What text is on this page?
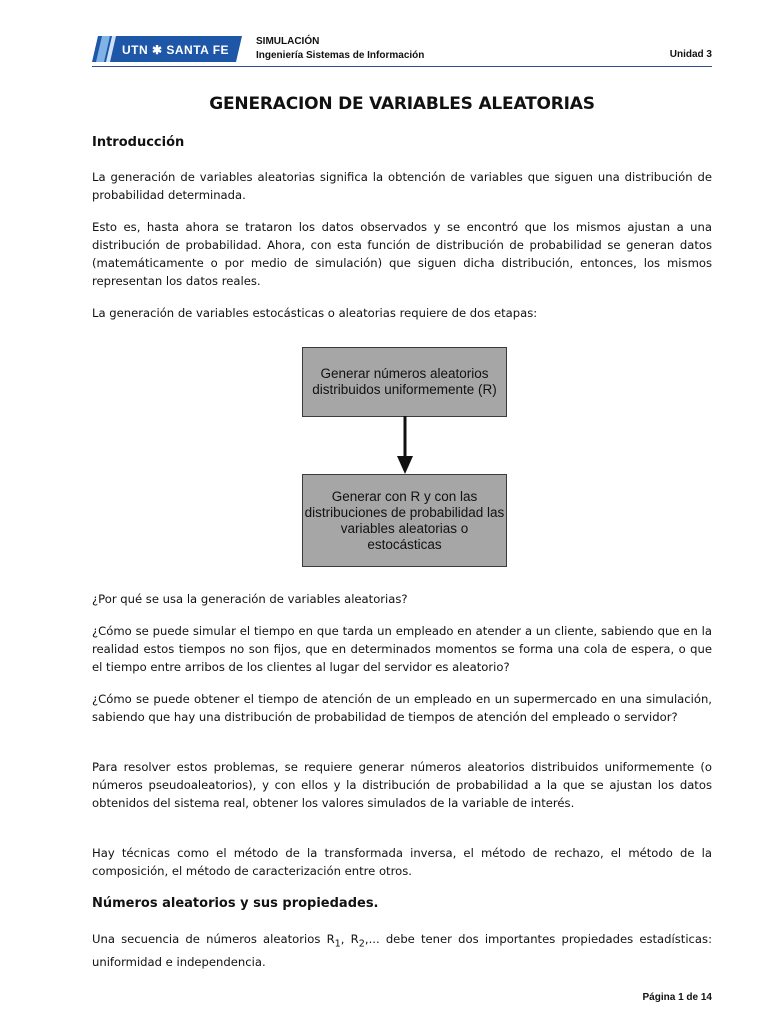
UTN ✱ SANTA FE
SIMULACIÓN
Ingeniería Sistemas de Información	Unidad 3
GENERACION DE VARIABLES ALEATORIAS
Introducción
La generación de variables aleatorias significa la obtención de variables que siguen una distribución de probabilidad determinada.
Esto es, hasta ahora se trataron los datos observados y se encontró que los mismos ajustan a una distribución de probabilidad. Ahora, con esta función de distribución de probabilidad se generan datos (matemáticamente o por medio de simulación) que siguen dicha distribución, entonces, los mismos representan los datos reales.
La generación de variables estocásticas o aleatorias requiere de dos etapas:
Generar números aleatorios distribuidos uniformemente (R)
Generar con R y con las distribuciones de probabilidad las variables aleatorias o estocásticas
¿Por qué se usa la generación de variables aleatorias?
¿Cómo se puede simular el tiempo en que tarda un empleado en atender a un cliente, sabiendo que en la realidad estos tiempos no son fijos, que en determinados momentos se forma una cola de espera, o que el tiempo entre arribos de los clientes al lugar del servidor es aleatorio?
¿Cómo se puede obtener el tiempo de atención de un empleado en un supermercado en una simulación, sabiendo que hay una distribución de probabilidad de tiempos de atención del empleado o servidor?
Para resolver estos problemas, se requiere generar números aleatorios distribuidos uniformemente (o números pseudoaleatorios), y con ellos y la distribución de probabilidad a la que se ajustan los datos obtenidos del sistema real, obtener los valores simulados de la variable de interés.
Hay técnicas como el método de la transformada inversa, el método de rechazo, el método de la composición, el método de caracterización entre otros.
Números aleatorios y sus propiedades.
Una secuencia de números aleatorios $R_1$, $R_2$,... debe tener dos importantes propiedades estadísticas: uniformidad e independencia.
Página 1 de 14
